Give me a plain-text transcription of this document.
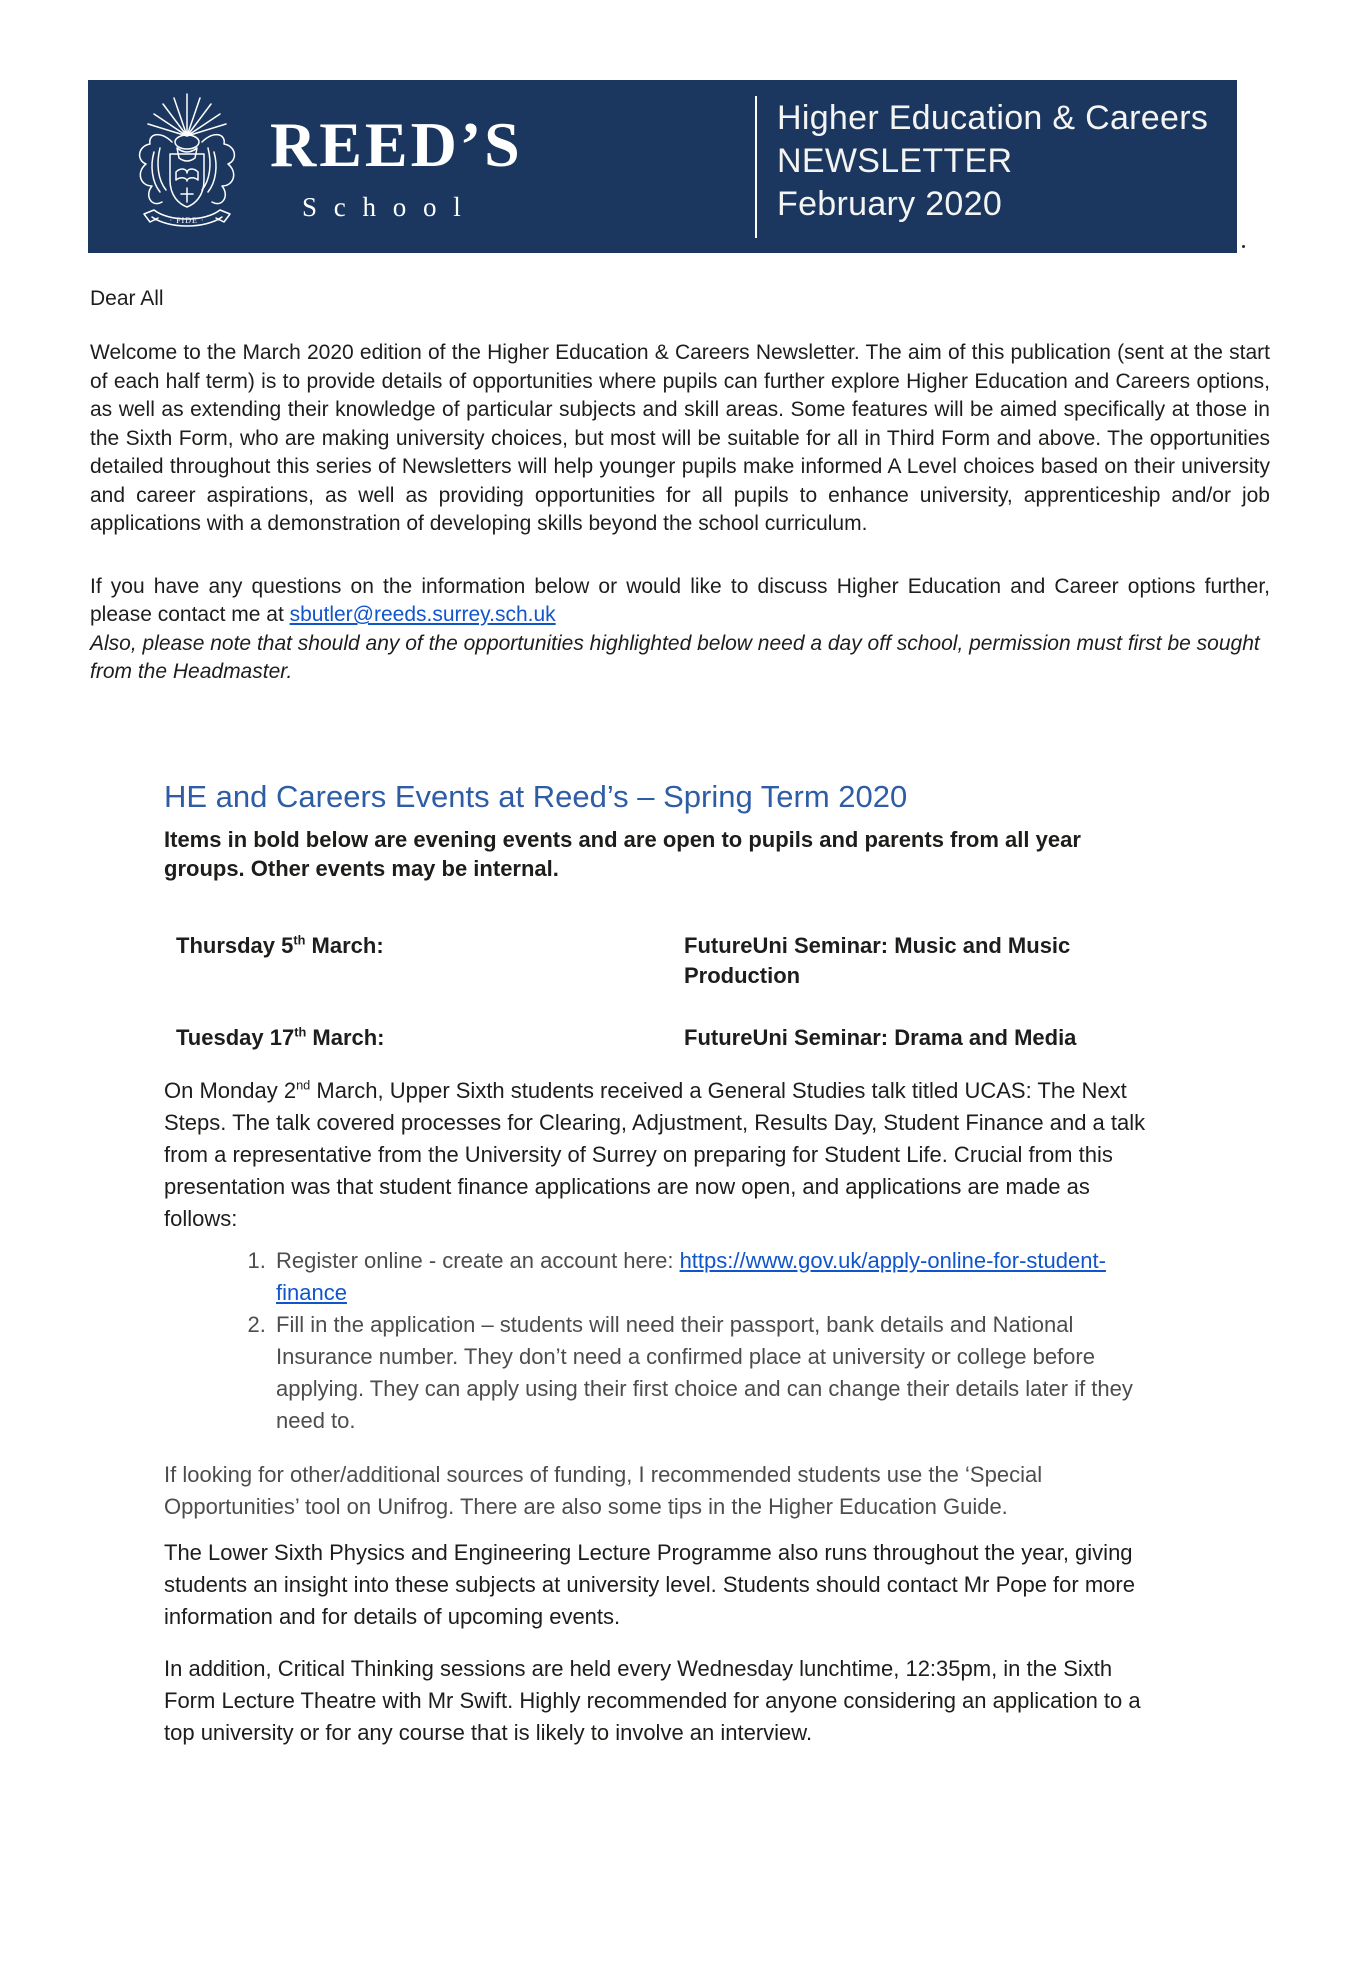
· FIDE ·
REED’S
S c h o o l
Higher Education & Careers
NEWSLETTER
February 2020

Dear All

Welcome to the March 2020 edition of the Higher Education & Careers Newsletter. The aim of this publication (sent at the start of each half term) is to provide details of opportunities where pupils can further explore Higher Education and Careers options, as well as extending their knowledge of particular subjects and skill areas. Some features will be aimed specifically at those in the Sixth Form, who are making university choices, but most will be suitable for all in Third Form and above. The opportunities detailed throughout this series of Newsletters will help younger pupils make informed A Level choices based on their university and career aspirations, as well as providing opportunities for all pupils to enhance university, apprenticeship and/or job applications with a demonstration of developing skills beyond the school curriculum.

If you have any questions on the information below or would like to discuss Higher Education and Career options further, please contact me at sbutler@reeds.surrey.sch.uk

Also, please note that should any of the opportunities highlighted below need a day off school, permission must first be sought from the Headmaster.

HE and Careers Events at Reed’s – Spring Term 2020

Items in bold below are evening events and are open to pupils and parents from all year groups. Other events may be internal.

Thursday 5th March:	FutureUni Seminar: Music and Music Production
Tuesday 17th March:	FutureUni Seminar: Drama and Media

On Monday 2nd March, Upper Sixth students received a General Studies talk titled UCAS: The Next Steps. The talk covered processes for Clearing, Adjustment, Results Day, Student Finance and a talk from a representative from the University of Surrey on preparing for Student Life. Crucial from this presentation was that student finance applications are now open, and applications are made as follows:

1. Register online - create an account here: https://www.gov.uk/apply-online-for-student-finance
2. Fill in the application – students will need their passport, bank details and National Insurance number. They don’t need a confirmed place at university or college before applying. They can apply using their first choice and can change their details later if they need to.

If looking for other/additional sources of funding, I recommended students use the ‘Special Opportunities’ tool on Unifrog. There are also some tips in the Higher Education Guide.

The Lower Sixth Physics and Engineering Lecture Programme also runs throughout the year, giving students an insight into these subjects at university level. Students should contact Mr Pope for more information and for details of upcoming events.

In addition, Critical Thinking sessions are held every Wednesday lunchtime, 12:35pm, in the Sixth Form Lecture Theatre with Mr Swift. Highly recommended for anyone considering an application to a top university or for any course that is likely to involve an interview.
